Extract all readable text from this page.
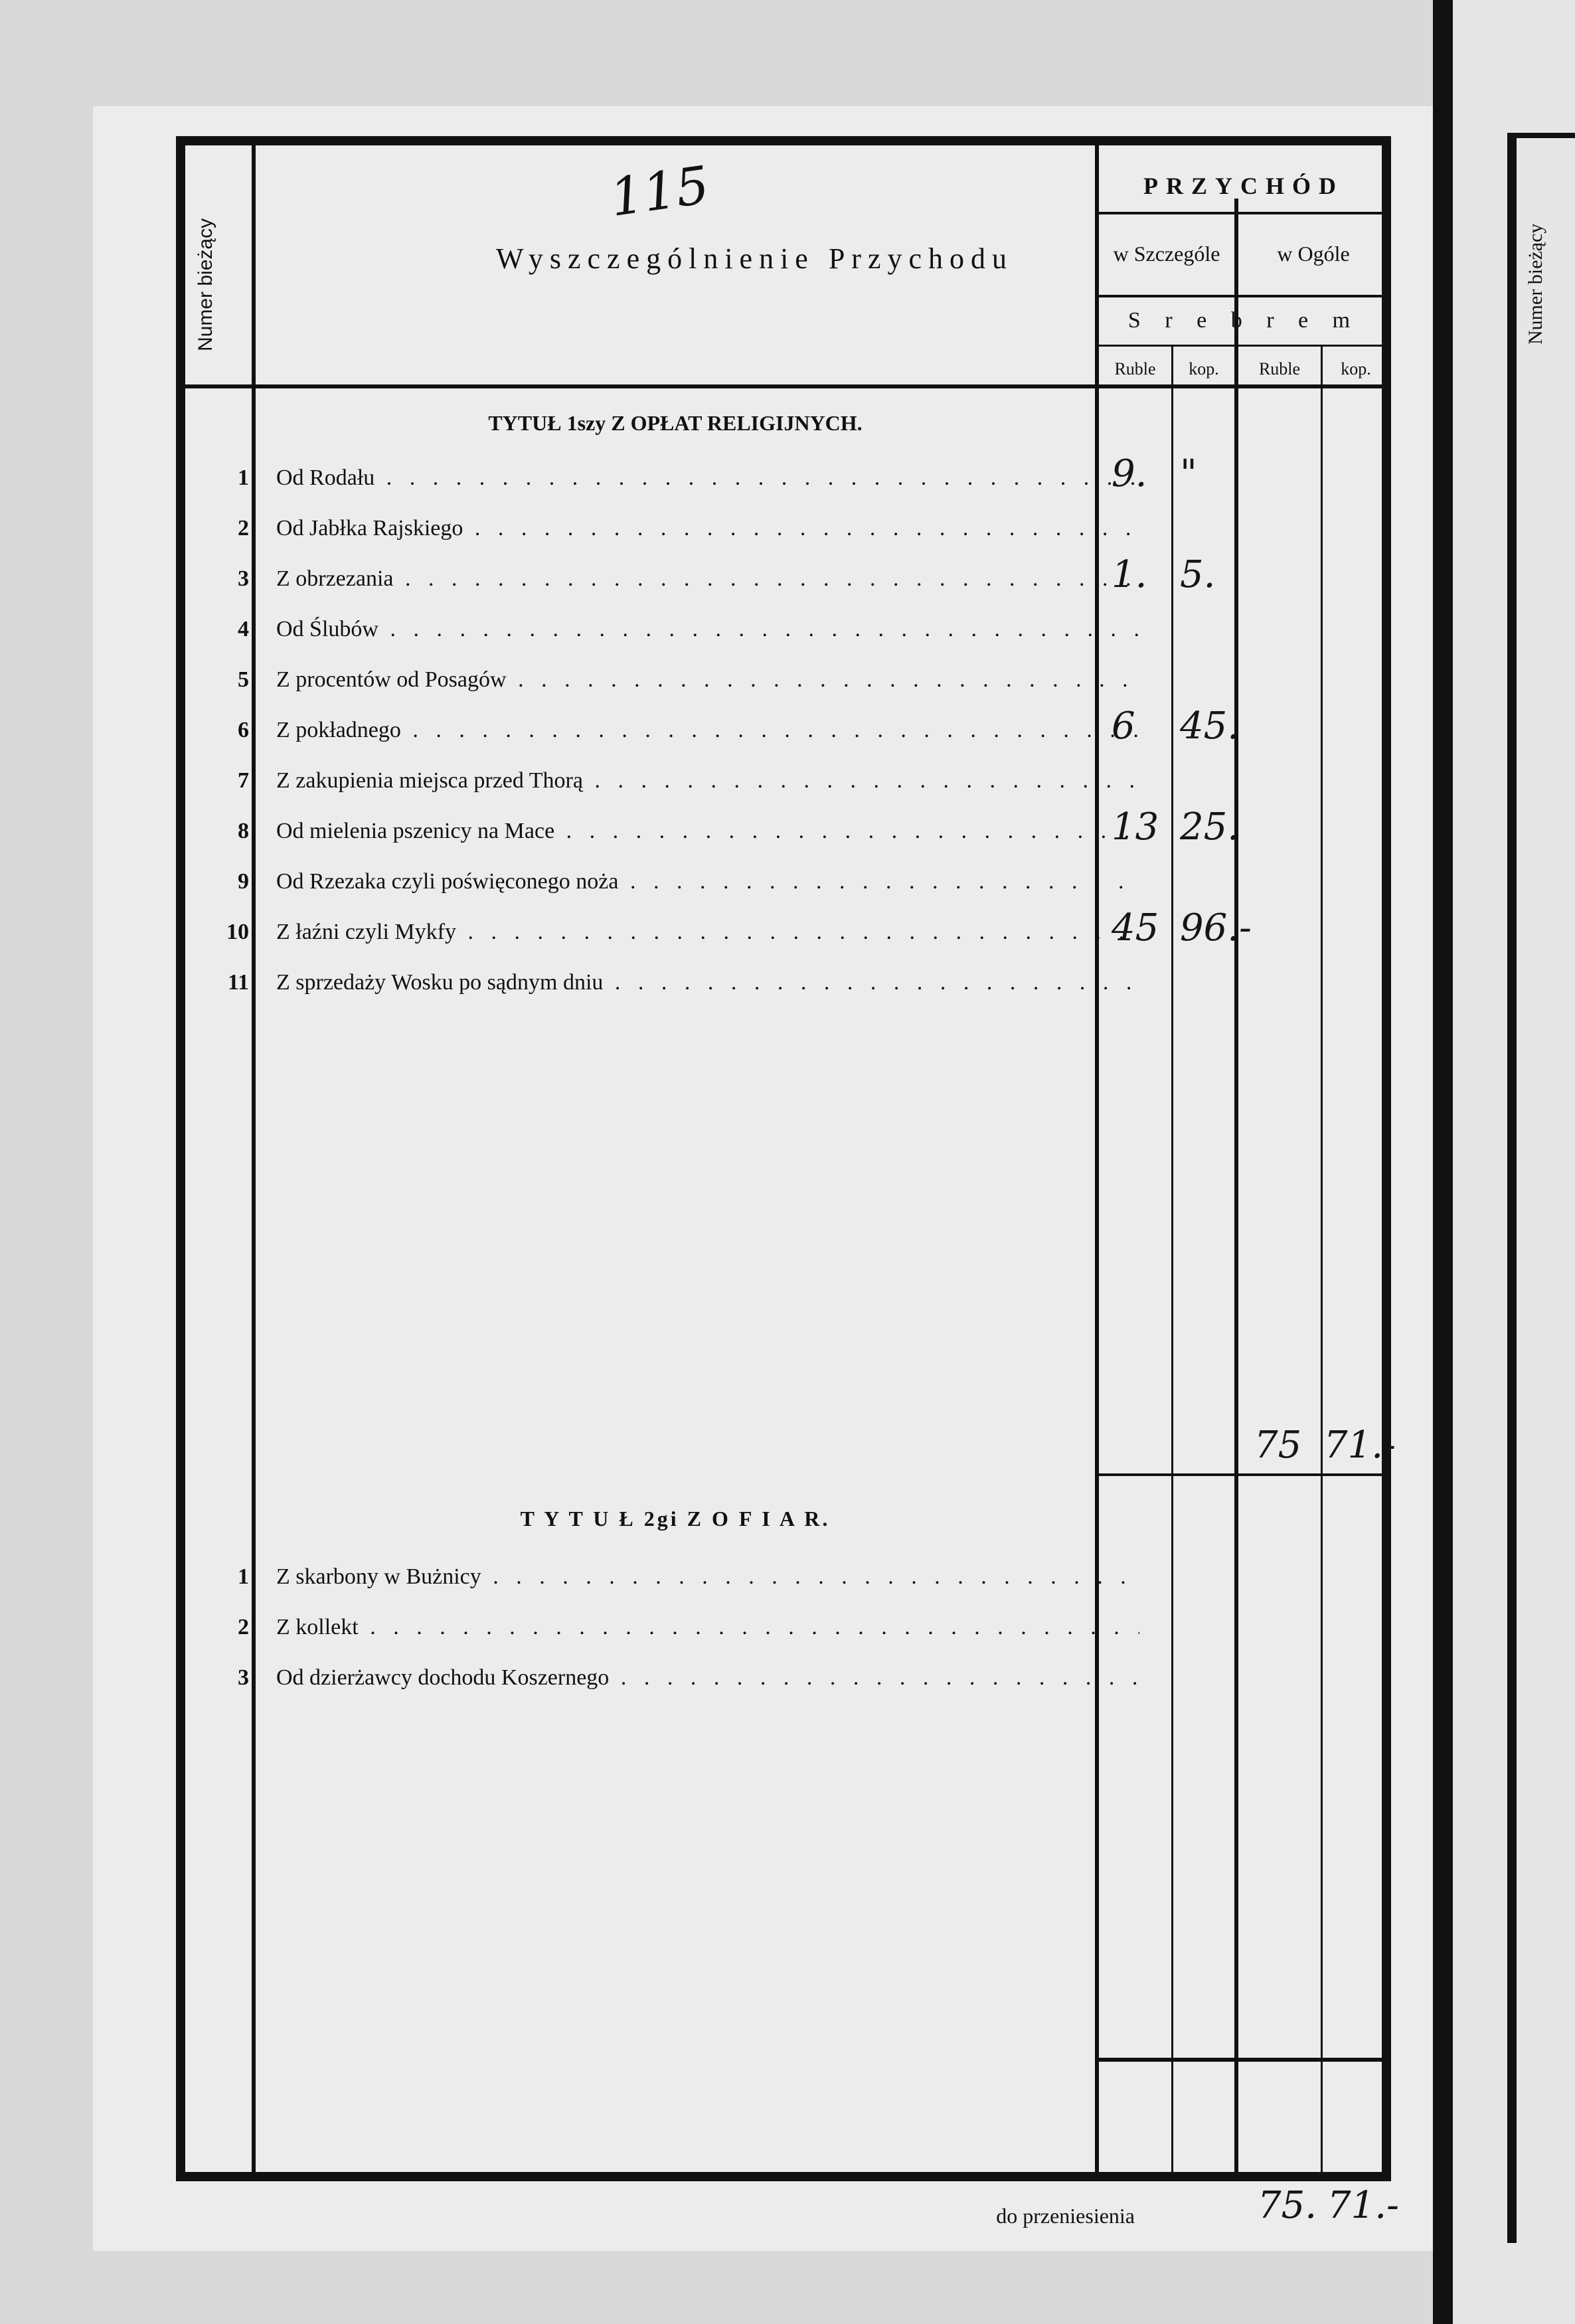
Numer bieżący
115
Numer bieżący	Wyszczególnienie Przychodu
PRZYCHÓD
w Szczególe	w Ogóle
S r e b r e m
Ruble	kop.	Ruble	kop.
TYTUŁ 1szy Z OPŁAT RELIGIJNYCH.
1 Od Rodału . . .	9. "
2 Od Jabłka Rajskiego . . .
3 Z obrzezania . . .	1. 5.
4 Od Ślubów . . .
5 Z procentów od Posagów . . .
6 Z pokładnego . . .	6 45.
7 Z zakupienia miejsca przed Thorą . . .
8 Od mielenia pszenicy na Mace . . .	13 25.
9 Od Rzezaka czyli poświęconego noża . . .
10 Z łaźni czyli Mykfy . . .	45 96.-
11 Z sprzedaży Wosku po sądnym dniu . . .
75 71.-
T Y T U Ł 2gi Z O F I A R.
1 Z skarbony w Bużnicy . . .
2 Z kollekt . . .
3 Od dzierżawcy dochodu Koszernego . . .
do przeniesienia	75. 71.-
